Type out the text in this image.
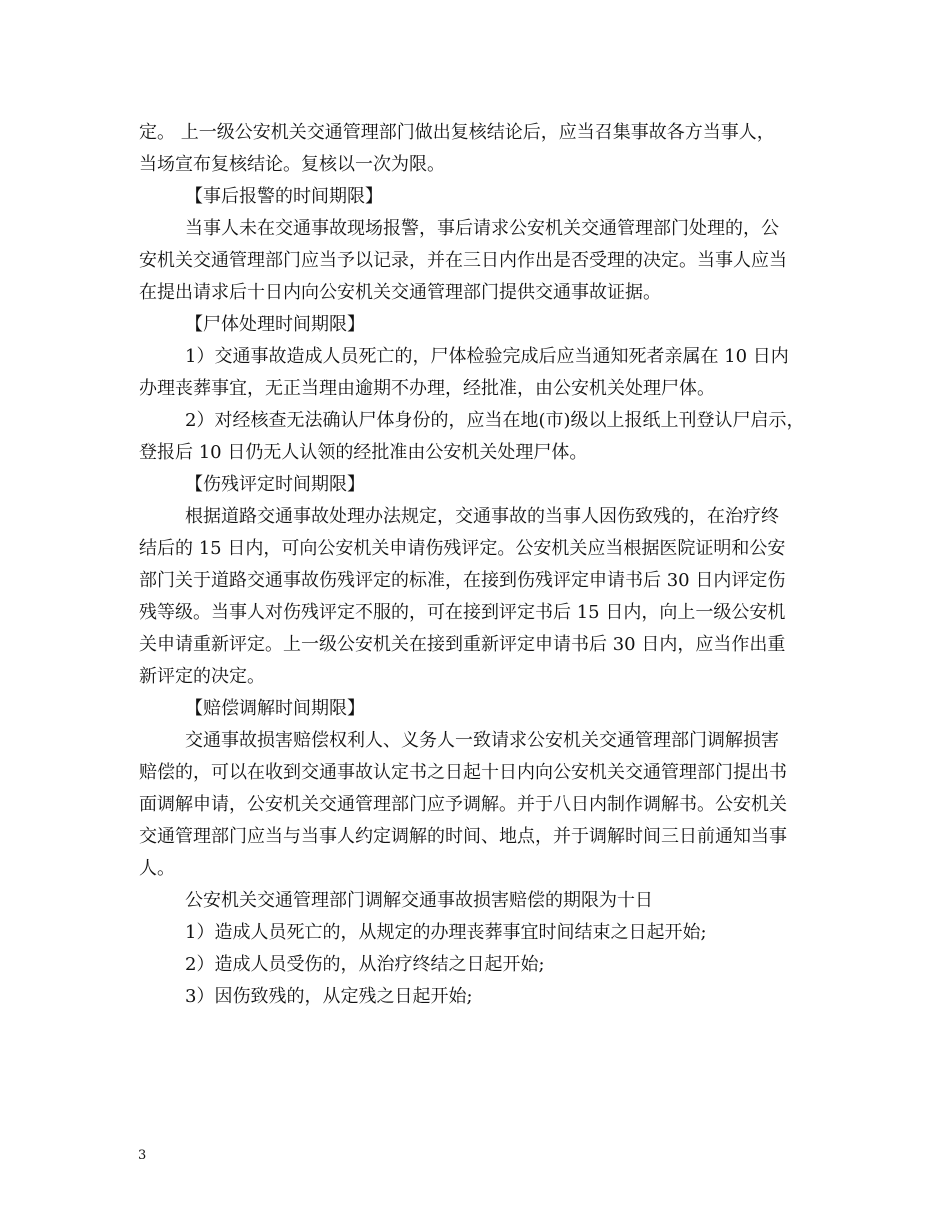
定。 上一级公安机关交通管理部门做出复核结论后，应当召集事故各方当事人，
当场宣布复核结论。复核以一次为限。
【事后报警的时间期限】
当事人未在交通事故现场报警，事后请求公安机关交通管理部门处理的，公
安机关交通管理部门应当予以记录，并在三日内作出是否受理的决定。当事人应当
在提出请求后十日内向公安机关交通管理部门提供交通事故证据。
【尸体处理时间期限】
1）交通事故造成人员死亡的，尸体检验完成后应当通知死者亲属在 10 日内
办理丧葬事宜，无正当理由逾期不办理，经批准，由公安机关处理尸体。
2）对经核查无法确认尸体身份的，应当在地(市)级以上报纸上刊登认尸启示，
登报后 10 日仍无人认领的经批准由公安机关处理尸体。
【伤残评定时间期限】
根据道路交通事故处理办法规定，交通事故的当事人因伤致残的，在治疗终
结后的 15 日内，可向公安机关申请伤残评定。公安机关应当根据医院证明和公安
部门关于道路交通事故伤残评定的标准，在接到伤残评定申请书后 30 日内评定伤
残等级。当事人对伤残评定不服的，可在接到评定书后 15 日内，向上一级公安机
关申请重新评定。上一级公安机关在接到重新评定申请书后 30 日内，应当作出重
新评定的决定。
【赔偿调解时间期限】
交通事故损害赔偿权利人、义务人一致请求公安机关交通管理部门调解损害
赔偿的，可以在收到交通事故认定书之日起十日内向公安机关交通管理部门提出书
面调解申请，公安机关交通管理部门应予调解。并于八日内制作调解书。公安机关
交通管理部门应当与当事人约定调解的时间、地点，并于调解时间三日前通知当事
人。
公安机关交通管理部门调解交通事故损害赔偿的期限为十日
1）造成人员死亡的，从规定的办理丧葬事宜时间结束之日起开始;
2）造成人员受伤的，从治疗终结之日起开始;
3）因伤致残的，从定残之日起开始;
3
